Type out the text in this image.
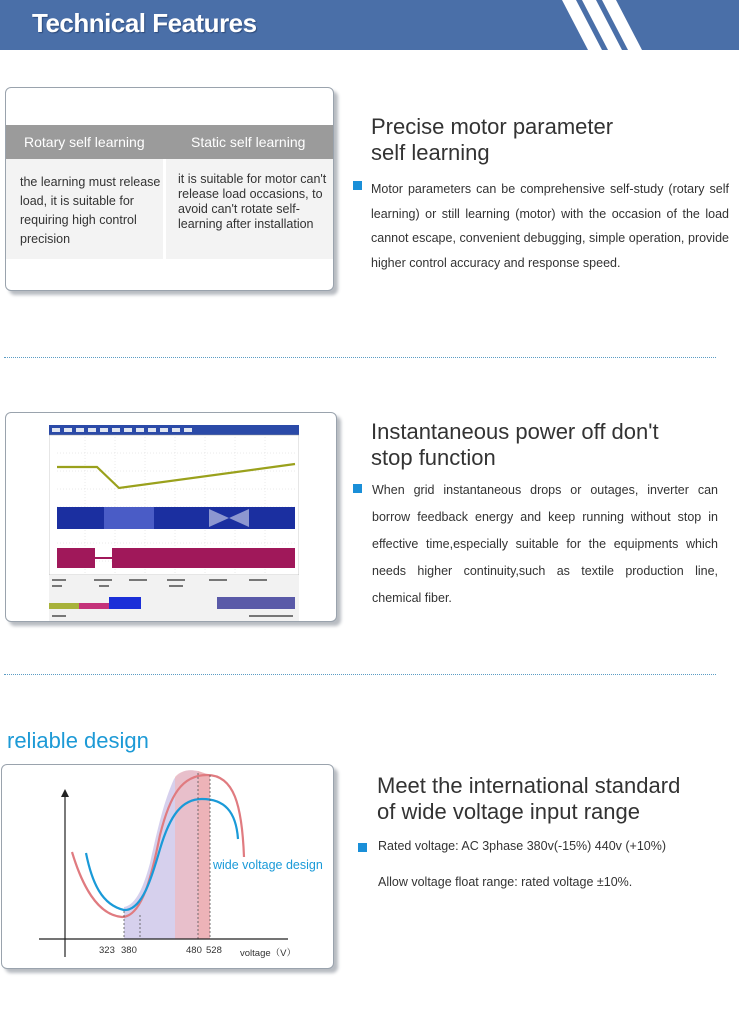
Technical Features
Rotary self learning	Static self learning
the learning must release load, it is suitable for requiring high control precision
it is suitable for motor can't release load occasions, to avoid can't rotate self-learning after installation
Precise motor parameter
self learning
Motor parameters can be comprehensive self-study (rotary self learning) or still learning (motor) with the occasion of the load cannot escape, convenient debugging, simple operation, provide higher control accuracy and response speed.
Instantaneous power off don't
stop function
When grid instantaneous drops or outages, inverter can borrow feedback energy and keep running without stop in effective time,especially suitable for the equipments which needs higher continuity,such as textile production line, chemical fiber.
reliable design
wide voltage design
323 380	480 528 voltage（V）
Meet the international standard
of wide voltage input range
Rated voltage: AC 3phase 380v(-15%) 440v (+10%)
Allow voltage float range: rated voltage ±10%.
